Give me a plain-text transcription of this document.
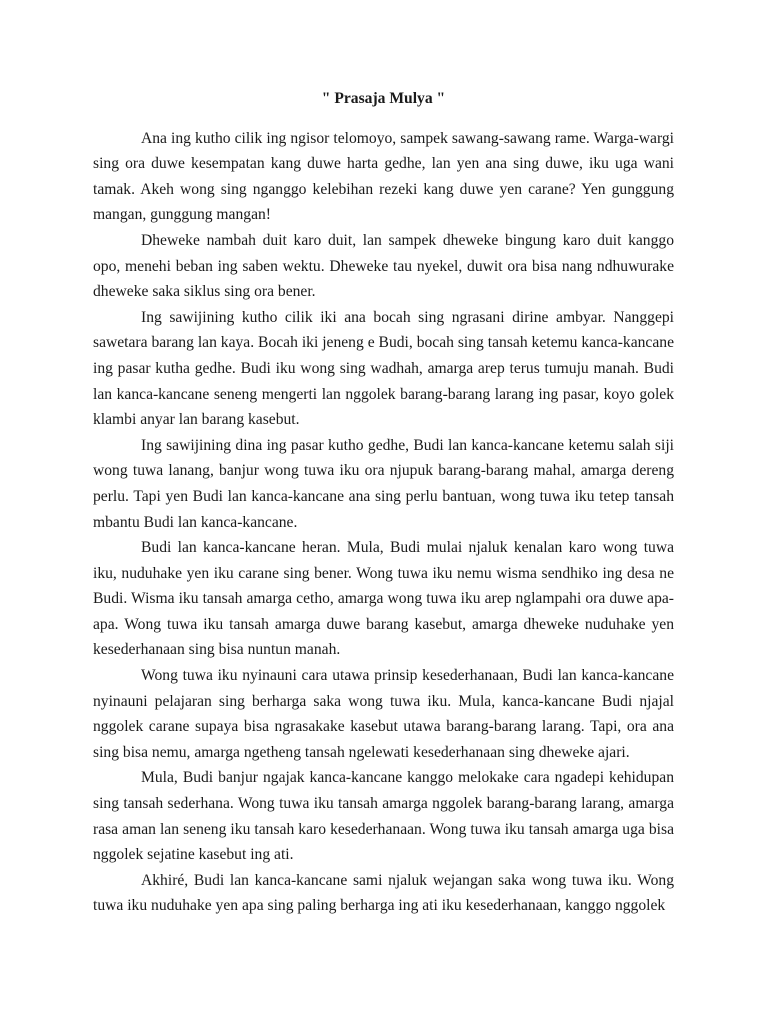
" Prasaja Mulya "

Ana ing kutho cilik ing ngisor telomoyo, sampek sawang-sawang rame. Warga-wargi sing ora duwe kesempatan kang duwe harta gedhe, lan yen ana sing duwe, iku uga wani tamak. Akeh wong sing nganggo kelebihan rezeki kang duwe yen carane? Yen gunggung mangan, gunggung mangan!

Dheweke nambah duit karo duit, lan sampek dheweke bingung karo duit kanggo opo, menehi beban ing saben wektu. Dheweke tau nyekel, duwit ora bisa nang ndhuwurake dheweke saka siklus sing ora bener.

Ing sawijining kutho cilik iki ana bocah sing ngrasani dirine ambyar. Nanggepi sawetara barang lan kaya. Bocah iki jeneng e Budi, bocah sing tansah ketemu kanca-kancane ing pasar kutha gedhe. Budi iku wong sing wadhah, amarga arep terus tumuju manah. Budi lan kanca-kancane seneng mengerti lan nggolek barang-barang larang ing pasar, koyo golek klambi anyar lan barang kasebut.

Ing sawijining dina ing pasar kutho gedhe, Budi lan kanca-kancane ketemu salah siji wong tuwa lanang, banjur wong tuwa iku ora njupuk barang-barang mahal, amarga dereng perlu. Tapi yen Budi lan kanca-kancane ana sing perlu bantuan, wong tuwa iku tetep tansah mbantu Budi lan kanca-kancane.

Budi lan kanca-kancane heran. Mula, Budi mulai njaluk kenalan karo wong tuwa iku, nuduhake yen iku carane sing bener. Wong tuwa iku nemu wisma sendhiko ing desa ne Budi. Wisma iku tansah amarga cetho, amarga wong tuwa iku arep nglampahi ora duwe apa-apa. Wong tuwa iku tansah amarga duwe barang kasebut, amarga dheweke nuduhake yen kesederhanaan sing bisa nuntun manah.

Wong tuwa iku nyinauni cara utawa prinsip kesederhanaan, Budi lan kanca-kancane nyinauni pelajaran sing berharga saka wong tuwa iku. Mula, kanca-kancane Budi njajal nggolek carane supaya bisa ngrasakake kasebut utawa barang-barang larang. Tapi, ora ana sing bisa nemu, amarga ngetheng tansah ngelewati kesederhanaan sing dheweke ajari.

Mula, Budi banjur ngajak kanca-kancane kanggo melokake cara ngadepi kehidupan sing tansah sederhana. Wong tuwa iku tansah amarga nggolek barang-barang larang, amarga rasa aman lan seneng iku tansah karo kesederhanaan. Wong tuwa iku tansah amarga uga bisa nggolek sejatine kasebut ing ati.

Akhiré, Budi lan kanca-kancane sami njaluk wejangan saka wong tuwa iku. Wong tuwa iku nuduhake yen apa sing paling berharga ing ati iku kesederhanaan, kanggo nggolek
